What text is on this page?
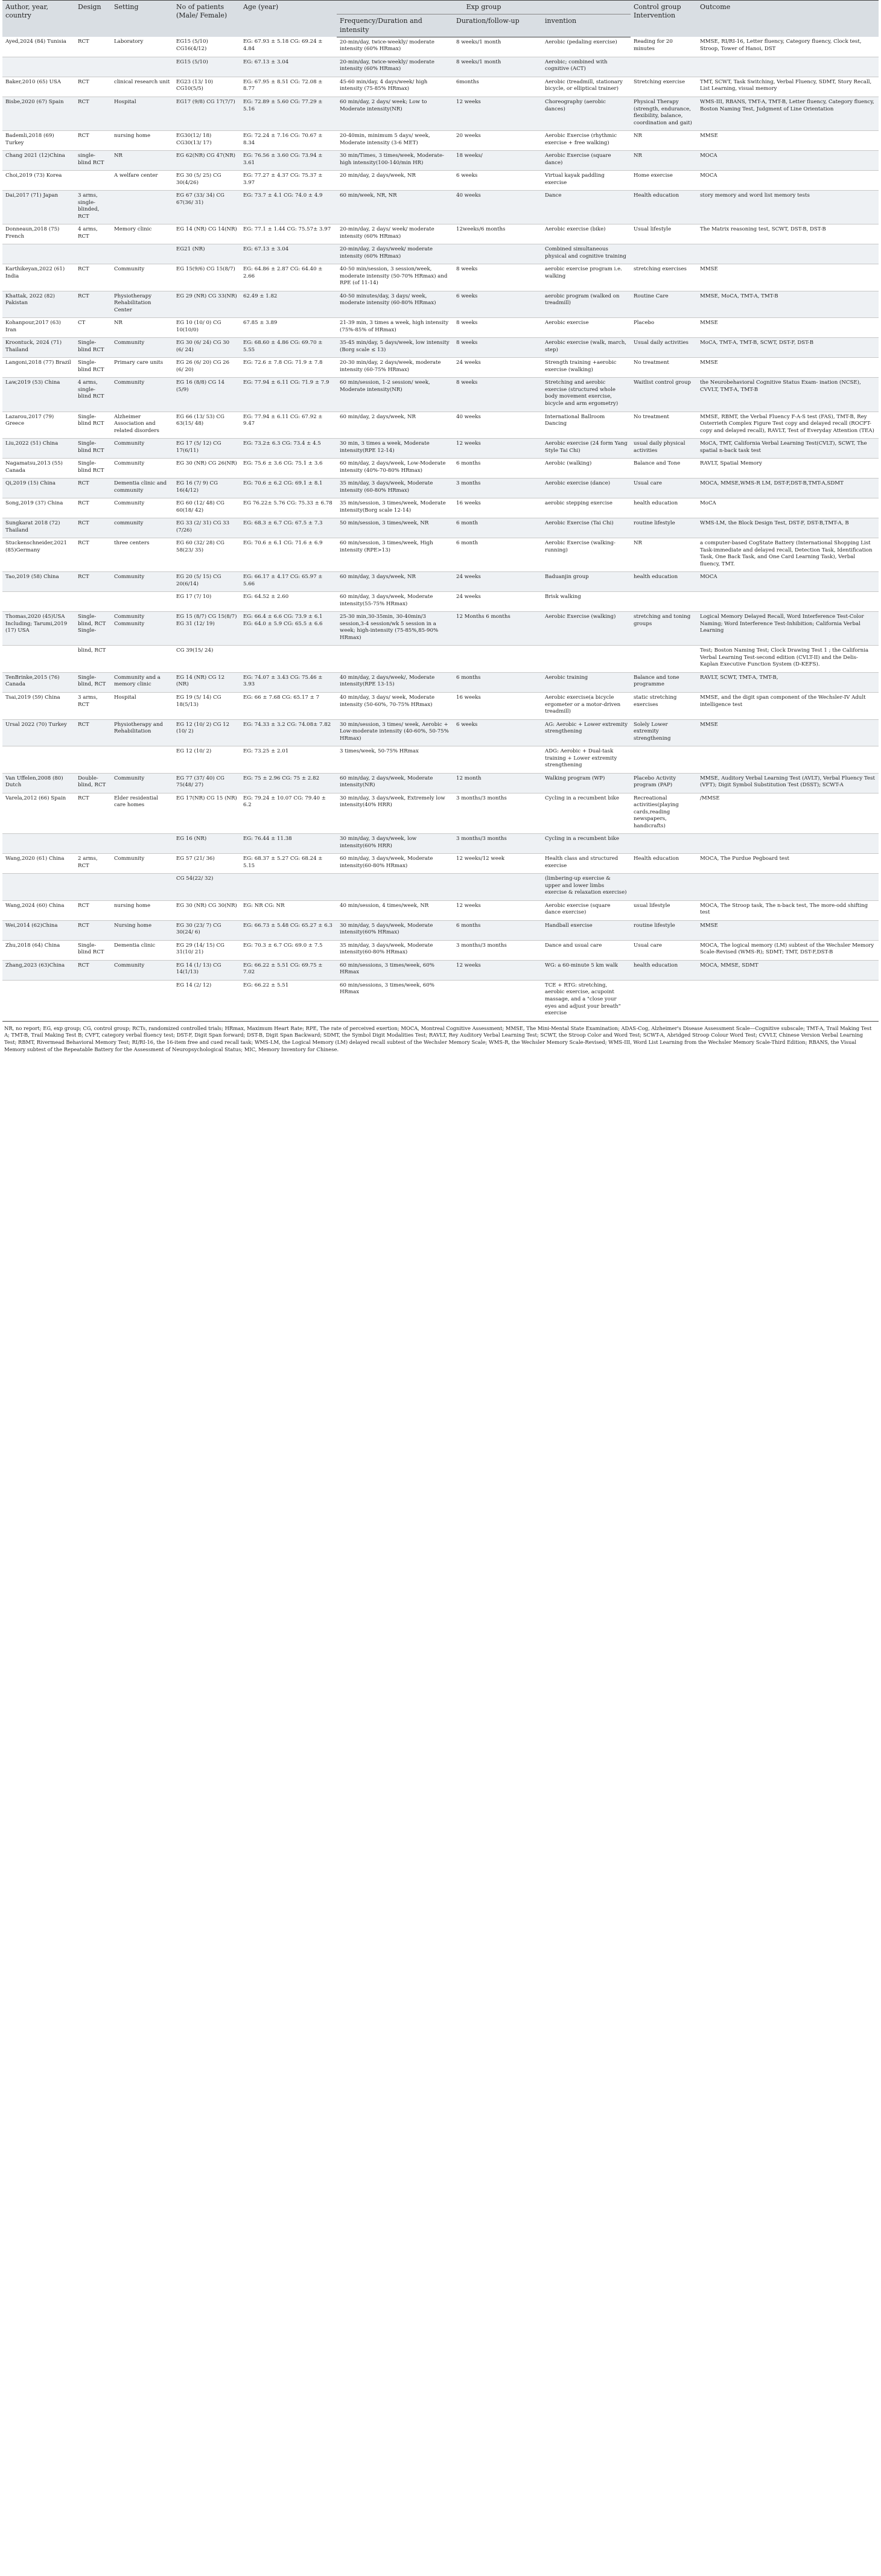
Author, year, country	Design	Setting	No of patients (Male/ Female)	Age (year)	Exp group			Control group Intervention	Outcome
					Frequency/Duration and intensity	Duration/follow-up	invention		
Ayed,2024 (84) Tunisia	RCT	Laboratory	EG15 (5/10) CG16(4/12)	EG: 67.93 ± 5.18 CG: 69.24 ± 4.84	20-min/day, twice-weekly/ moderate intensity (60% HRmax)	8 weeks/1 month	Aerobic (pedaling exercise)	Reading for 20 minutes	MMSE, RI/RI-16, Letter fluency, Category fluency, Clock test, Stroop, Tower of Hanoi, DST
			EG15 (5/10)	EG: 67.13 ± 3.04	20-min/day, twice-weekly/ moderate intensity (60% HRmax)	8 weeks/1 month	Aerobic; combined with cognitive (ACT)		
Baker,2010 (65) USA	RCT	clinical research unit	EG23 (13/ 10) CG10(5/5)	EG: 67.95 ± 8.51 CG: 72.08 ± 8.77	45-60 min/day, 4 days/week/ high intensity (75-85% HRmax)	6months	Aerobic (treadmill, stationary bicycle, or elliptical trainer)	Stretching exercise	TMT, SCWT, Task Switching, Verbal Fluency, SDMT, Story Recall, List Learning, visual memory
Bisbe,2020 (67) Spain	RCT	Hospital	EG17 (9/8) CG 17(7/7)	EG: 72.89 ± 5.60 CG: 77.29 ± 5.16	60 min/day, 2 days/ week; Low to Moderate intensity(NR)	12 weeks	Choreography (aerobic dances)	Physical Therapy (strength, endurance, flexibility, balance, coordination and gait)	WMS-III, RBANS, TMT-A, TMT-B, Letter fluency, Category fluency, Boston Naming Test, Judgment of Line Orientation
Bademli,2018 (69) Turkey	RCT	nursing home	EG30(12/ 18) CG30(13/ 17)	EG: 72.24 ± 7.16 CG: 70.67 ± 8.34	20-40min, minimum 5 days/ week, Moderate intensity (3-6 MET)	20 weeks	Aerobic Exercise (rhythmic exercise + free walking)	NR	MMSE
Chang 2021 (12)China	single-blind RCT	NR	EG 62(NR) CG 47(NR)	EG: 76.56 ± 3.60 CG: 73.94 ± 3.61	30 min/Times, 3 times/week, Moderate-high intensity(100-140/min HR)	18 weeks/	Aerobic Exercise (square dance)	NR	MOCA
Choi,2019 (73) Korea		A welfare center	EG 30 (5/ 25) CG 30(4/26)	EG: 77.27 ± 4.37 CG: 75.37 ± 3.97	20 min/day, 2 days/week, NR	6 weeks	Virtual kayak paddling exercise	Home exercise	MOCA
Dai,2017 (71) Japan	3 arms, single-blinded, RCT		EG 67 (33/ 34) CG 67(36/ 31)	EG: 73.7 ± 4.1 CG: 74.0 ± 4.9	60 min/week, NR, NR	40 weeks	Dance	Health education	story memory and word list memory tests
Donneaun,2018 (75) French	4 arms, RCT	Memory clinic	EG 14 (NR) CG 14(NR)	EG: 77.1 ± 1.44 CG: 75.57± 3.97	20-min/day, 2 days/ week/ moderate intensity (60% HRmax)	12weeks/6 months	Aerobic exercise (bike)	Usual lifestyle	The Matrix reasoning test, SCWT, DST-B, DST-B
			EG21 (NR)	EG: 67.13 ± 3.04	20-min/day, 2 days/week/ moderate intensity (60% HRmax)		Combined simultaneous physical and cognitive training		
Karthikeyan,2022 (61) India	RCT	Community	EG 15(9/6) CG 15(8/7)	EG: 64.86 ± 2.87 CG: 64.40 ± 2.66	40-50 min/session, 3 session/week, moderate intensity (50-70% HRmax) and RPE (of 11-14)	8 weeks	aerobic exercise program i.e. walking	stretching exercises	MMSE
Khattak, 2022 (82) Pakistan	RCT	Physiotherapy Rehabilitation Center	EG 29 (NR) CG 33(NR)	62.49 ± 1.82	40-50 minutes/day, 3 days/ week, moderate intensity (60-80% HRmax)	6 weeks	aerobic program (walked on treadmill)	Routine Care	MMSE, MoCA, TMT-A, TMT-B
Kohanpour,2017 (63) Iran	CT	NR	EG 10 (10/ 0) CG 10(10/0)	67.85 ± 3.89	21-39 min, 3 times a week, high intensity (75%-85% of HRmax)	8 weeks	Aerobic exercise	Placebo	MMSE
Kroontuck, 2024 (71) Thailand	Single-blind RCT	Community	EG 30 (6/ 24) CG 30 (6/ 24)	EG: 68.60 ± 4.86 CG: 69.70 ± 5.55	35-45 min/day, 5 days/week, low intensity (Borg scale ≤ 13)	8 weeks	Aerobic exercise (walk, march, step)	Usual daily activities	MoCA, TMT-A, TMT-B, SCWT, DST-F, DST-B
Langoni,2018 (77) Brazil	Single-blind RCT	Primary care units	EG 26 (6/ 20) CG 26 (6/ 20)	EG: 72.6 ± 7.8 CG: 71.9 ± 7.8	20-30 min/day, 2 days/week, moderate intensity (60-75% HRmax)	24 weeks	Strength training +aerobic exercise (walking)	No treatment	MMSE
Law,2019 (53) China	4 arms, single-blind RCT	Community	EG 16 (8/8) CG 14 (5/9)	EG: 77.94 ± 6.11 CG: 71.9 ± 7.9	60 min/session, 1-2 session/ week, Moderate intensity(NR)	8 weeks	Stretching and aerobic exercise (structured whole body movement exercise, bicycle and arm ergometry)	Waitlist control group	the Neurobehavioral Cognitive Status Exam- ination (NCSE), CVVLT, TMT-A, TMT-B
Lazarou,2017 (79) Greece	Single-blind RCT	Alzheimer Association and related disorders	EG 66 (13/ 53) CG 63(15/ 48)	EG: 77.94 ± 6.11 CG: 67.92 ± 9.47	60 min/day, 2 days/week, NR	40 weeks	International Ballroom Dancing	No treatment	MMSE, RBMT, the Verbal Fluency F-A-S test (FAS), TMT-B, Rey Osterrieth Complex Figure Test copy and delayed recall (ROCFT-copy and delayed recall), RAVLT, Test of Everyday Attention (TEA)
Liu,2022 (51) China	Single-blind RCT	Community	EG 17 (5/ 12) CG 17(6/11)	EG: 73.2± 6.3 CG: 73.4 ± 4.5	30 min, 3 times a week, Moderate intensity(RPE 12-14)	12 weeks	Aerobic exercise (24 form Yang Style Tai Chi)	usual daily physical activities	MoCA, TMT, California Verbal Learning Test(CVLT), SCWT, The spatial n-back task test
Nagamatsu,2013 (55) Canada	Single-blind RCT	Community	EG 30 (NR) CG 26(NR)	EG: 75.6 ± 3.6 CG: 75.1 ± 3.6	60 min/day, 2 days/week, Low-Moderate intensity (40%-70-80% HRmax)	6 months	Aerobic (walking)	Balance and Tone	RAVLT, Spatial Memory
Qi,2019 (15) China	RCT	Dementia clinic and community	EG 16 (7/ 9) CG 16(4/12)	EG: 70.6 ± 6.2 CG: 69.1 ± 8.1	35 min/day, 3 days/week, Moderate intensity (60-80% HRmax)	3 months	Aerobic exercise (dance)	Usual care	MOCA, MMSE,WMS-R LM, DST-F,DST-B,TMT-A,SDMT
Song,2019 (37) China	RCT	Community	EG 60 (12/ 48) CG 60(18/ 42)	EG 76.22± 5.76 CG: 75.33 ± 6.78	35 min/session, 3 times/week, Moderate intensity(Borg scale 12-14)	16 weeks	aerobic stepping exercise	health education	MoCA
Sungkarat 2018 (72) Thailand	RCT	community	EG 33 (2/ 31) CG 33 (7/26)	EG: 68.3 ± 6.7 CG: 67.5 ± 7.3	50 min/session, 3 times/week, NR	6 month	Aerobic Exercise (Tai Chi)	routine lifestyle	WMS-LM, the Block Design Test, DST-F, DST-B,TMT-A, B
Stuckenschneider,2021 (85)Germany	RCT	three centers	EG 60 (32/ 28) CG 58(23/ 35)	EG: 70.6 ± 6.1 CG: 71.6 ± 6.9	60 min/session, 3 times/week, High intensity (RPE>13)	6 month	Aerobic Exercise (walking-running)	NR	a computer-based CogState Battery (International Shopping List Task-immediate and delayed recall, Detection Task, Identification Task, One Back Task, and One Card Learning Task), Verbal fluency, TMT.
Tao,2019 (58) China	RCT	Community	EG 20 (5/ 15) CG 20(6/14)	EG: 66.17 ± 4.17 CG: 65.97 ± 5.66	60 min/day, 3 days/week, NR	24 weeks	Baduanjin group	health education	MOCA
			EG 17 (7/ 10)	EG: 64.52 ± 2.60	60 min/day, 3 days/week, Moderate intensity(55-75% HRmax)	24 weeks	Brisk walking		
Thomas,2020 (45)USA Including; Tarumi,2019 (17) USA	Single-blind, RCT Single-	Community Community	EG 15 (8/7) CG 15(8/7) EG 31 (12/ 19)	EG: 66.4 ± 6.6 CG: 73.9 ± 6.1 EG: 64.0 ± 5.9 CG: 65.5 ± 6.6	25-30 min,30-35min, 30-40min/3 session,3-4 session/wk 5 session in a week; high-intensity (75-85%,85-90% HRmax)	12 Months 6 months	Aerobic Exercise (walking)	stretching and toning groups	Logical Memory Delayed Recall, Word Interference Test-Color Naming; Word Interference Test-Inhibition; California Verbal Learning
	blind, RCT		CG 39(15/ 24)						Test; Boston Naming Test; Clock Drawing Test 1 ; the California Verbal Learning Test-second edition (CVLT-II) and the Delis-Kaplan Executive Function System (D-KEFS).
TenBrinke,2015 (76) Canada	Single-blind, RCT	Community and a memory clinic	EG 14 (NR) CG 12 (NR)	EG: 74.07 ± 3.43 CG: 75.46 ± 3.93	40 min/day, 2 days/week/, Moderate intensity(RPE 13-15)	6 months	Aerobic training	Balance and tone programme	RAVLT, SCWT, TMT-A, TMT-B,
Tsai,2019 (59) China	3 arms, RCT	Hospital	EG 19 (5/ 14) CG 18(5/13)	EG: 66 ± 7.68 CG: 65.17 ± 7	40 min/day, 3 days/ week, Moderate intensity (50-60%, 70-75% HRmax)	16 weeks	Aerobic exercise(a bicycle ergometer or a motor-driven treadmill)	static stretching exercises	MMSE, and the digit span component of the Wechsler-IV Adult intelligence test
Ursal 2022 (70) Turkey	RCT	Physiotherapy and Rehabilitation	EG 12 (10/ 2) CG 12 (10/ 2)	EG: 74.33 ± 3.2 CG: 74.08± 7.82	30 min/session, 3 times/ week, Aerobic + Low-moderate intensity (40-60%, 50-75% HRmax)	6 weeks	AG: Aerobic + Lower extremity strengthening	Solely Lower extremity strengthening	MMSE
			EG 12 (10/ 2)	EG: 73.25 ± 2.01	3 times/week, 50-75% HRmax		ADG: Aerobic + Dual-task training + Lower extremity strengthening		
Van Uffelen,2008 (80) Dutch	Double-blind, RCT	Community	EG 77 (37/ 40) CG 75(48/ 27)	EG: 75 ± 2.96 CG: 75 ± 2.82	60 min/day, 2 days/week, Moderate intensity(NR)	12 month	Walking program (WP)	Placebo Activity program (PAP)	MMSE, Auditory Verbal Learning Test (AVLT), Verbal Fluency Test (VFT); Digit Symbol Substitution Test (DSST); SCWT-A
Varela,2012 (66) Spain	RCT	Elder residential care homes	EG 17(NR) CG 15 (NR)	EG: 79.24 ± 10.07 CG: 79.40 ± 6.2	30 min/day, 3 days/week, Extremely low intensity(40% HRR)	3 months/3 months	Cycling in a recumbent bike	Recreational activities(playing cards,reading newspapers, handicrafts)	/MMSE
			EG 16 (NR)	EG: 76.44 ± 11.38	30 min/day, 3 days/week, low intensity(60% HRR)	3 months/3 months	Cycling in a recumbent bike		
Wang,2020 (61) China	2 arms, RCT	Community	EG 57 (21/ 36)	EG: 68.37 ± 5.27 CG: 68.24 ± 5.15	60 min/day, 3 days/week, Moderate intensity(60-80% HRmax)	12 weeks/12 week	Health class and structured exercise	Health education	MOCA, The Purdue Pegboard test
			CG 54(22/ 32)				(limbering-up exercise & upper and lower limbs exercise & relaxation exercise)		
Wang,2024 (60) China	RCT	nursing home	EG 30 (NR) CG 30(NR)	EG: NR CG: NR	40 min/session, 4 times/week, NR	12 weeks	Aerobic exercise (square dance exercise)	usual lifestyle	MOCA, The Stroop task, The n-back test, The more-odd shifting test
Wei,2014 (62)China	RCT	Nursing home	EG 30 (23/ 7) CG 30(24/ 6)	EG: 66.73 ± 5.48 CG: 65.27 ± 6.3	30 min/day, 5 days/week, Moderate intensity(60% HRmax)	6 months	Handball exercise	routine lifestyle	MMSE
Zhu,2018 (64) China	Single-blind RCT	Dementia clinic	EG 29 (14/ 15) CG 31(10/ 21)	EG: 70.3 ± 6.7 CG: 69.0 ± 7.5	35 min/day, 3 days/week, Moderate intensity(60-80% HRmax)	3 months/3 months	Dance and usual care	Usual care	MOCA, The logical memory (LM) subtest of the Wechsler Memory Scale-Revised (WMS-R); SDMT; TMT, DST-F,DST-B
Zhang,2023 (63)China	RCT	Community	EG 14 (1/ 13) CG 14(1/13)	EG: 66.22 ± 5.51 CG: 69.75 ± 7.02	60 min/sessions, 3 times/week, 60% HRmax	12 weeks	WG: a 60-minute 5 km walk	health education	MOCA, MMSE, SDMT
			EG 14 (2/ 12)	EG: 66.22 ± 5.51	60 min/sessions, 3 times/week, 60% HRmax		TCE + RTG: stretching, aerobic exercise, acupoint massage, and a "close your eyes and adjust your breath" exercise		

NR, no report; EG, exp group; CG, control group; RCTs, randomized controlled trials; HRmax, Maximum Heart Rate; RPE, The rate of perceived exertion; MOCA, Montreal Cognitive Assessment; MMSE, The Mini-Mental State Examination; ADAS-Cog, Alzheimer's Disease Assessment Scale—Cognitive subscale; TMT-A, Trail Making Test A; TMT-B, Trail Making Test B; CVFT, category verbal fluency test; DST-F, Digit Span forward; DST-B, Digit Span Backward; SDMT, the Symbol Digit Modalities Test; RAVLT, Rey Auditory Verbal Learning Test; SCWT, the Stroop Color and Word Test; SCWT-A, Abridged Stroop Colour Word Test; CVVLT, Chinese Version Verbal Learning Test; RBMT, Rivermead Behavioral Memory Test; RI/RI-16, the 16-item free and cued recall task; WMS-LM, the Logical Memory (LM) delayed recall subtest of the Wechsler Memory Scale; WMS-R, the Wechsler Memory Scale-Revised; WMS-III, Word List Learning from the Wechsler Memory Scale-Third Edition; RBANS, the Visual Memory subtest of the Repeatable Battery for the Assessment of Neuropsychological Status; MIC, Memory Inventory for Chinese.
